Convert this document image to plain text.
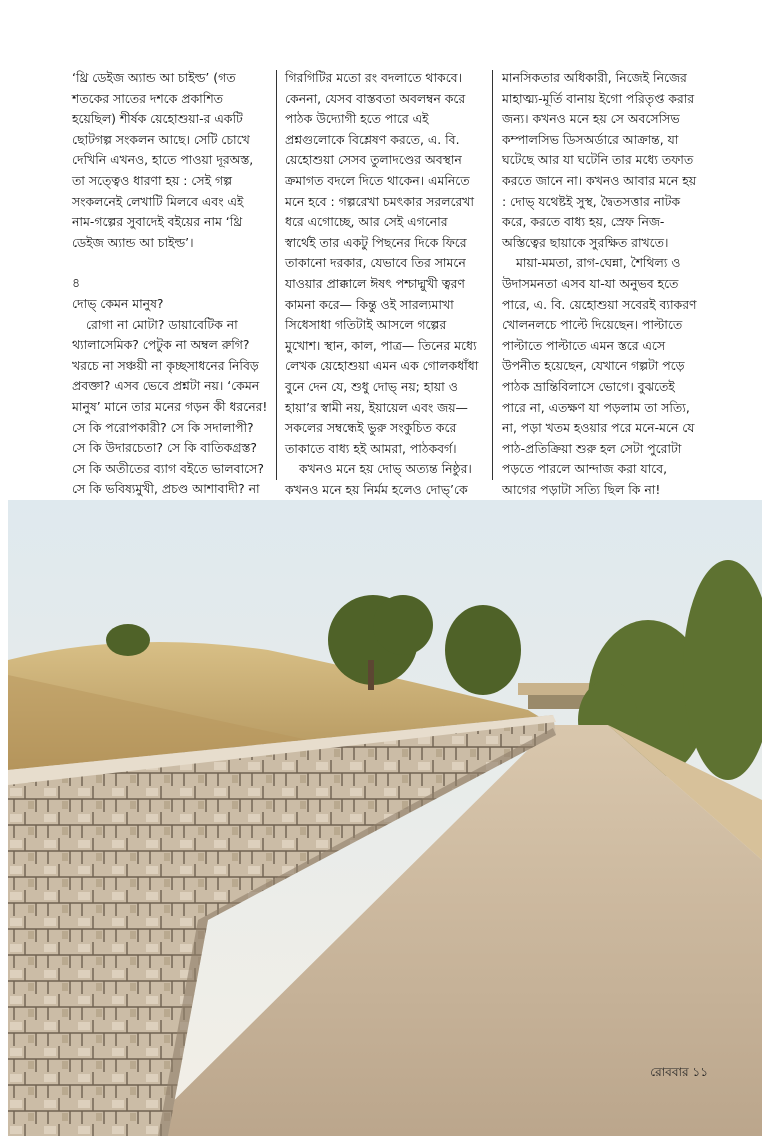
‘থ্রি ডেইজ অ্যান্ড আ চাইল্ড’ (গত শতকের সাতের দশকে প্রকাশিত হয়েছিল) শীর্ষক য়েহোশুয়া-র একটি ছোটগল্প সংকলন আছে। সেটি চোখে দেখিনি এখনও, হাতে পাওয়া দূরঅস্ত, তা সত্ত্বেও ধারণা হয় : সেই গল্প সংকলনেই লেখাটি মিলবে এবং এই নাম-গল্পের সুবাদেই বইয়ের নাম ‘থ্রি ডেইজ অ্যান্ড আ চাইল্ড’।

৪

দোভ্ কেমন মানুষ?

রোগা না মোটা? ডায়াবেটিক না থ্যালাসেমিক? পেটুক না অম্বল রুগি? খরচে না সঞ্চয়ী না কৃচ্ছসাধনের নিবিড় প্রবক্তা? এসব ভেবে প্রশ্নটা নয়। ‘কেমন মানুষ’ মানে তার মনের গড়ন কী ধরনের! সে কি পরোপকারী? সে কি সদালাপী? সে কি উদারচেতা? সে কি বাতিকগ্রস্ত? সে কি অতীতের ব্যাগ বইতে ভালবাসে? সে কি ভবিষ্যমুখী, প্রচণ্ড আশাবাদী? না

গিরগিটির মতো রং বদলাতে থাকবে। কেননা, যেসব বাস্তবতা অবলম্বন করে পাঠক উদ্যোগী হতে পারে এই প্রশ্নগুলোকে বিশ্লেষণ করতে, এ. বি. য়েহোশুয়া সেসব তুলাদণ্ডের অবস্থান ক্রমাগত বদলে দিতে থাকেন। এমনিতে মনে হবে : গল্পরেখা চমৎকার সরলরেখা ধরে এগোচ্ছে, আর সেই এগনোর স্বার্থেই তার একটু পিছনের দিকে ফিরে তাকানো দরকার, যেভাবে তির সামনে যাওয়ার প্রাক্কালে ঈষৎ পশ্চাদ্মুখী ত্বরণ কামনা করে— কিন্তু ওই সারল্যমাখা সিধেসাধা গতিটাই আসলে গল্পের মুখোশ। স্থান, কাল, পাত্র— তিনের মধ্যে লেখক য়েহোশুয়া এমন এক গোলকধাঁধা বুনে দেন যে, শুধু দোভ্ নয়; হায়া ও হায়া’র স্বামী নয়, ইয়ায়েল এবং জয়— সকলের সম্বন্ধেই ভুরু সংকুচিত করে তাকাতে বাধ্য হই আমরা, পাঠকবর্গ।

কখনও মনে হয় দোভ্ অত্যন্ত নিষ্ঠুর। কখনও মনে হয় নির্মম হলেও দোভ্’কে

মানসিকতার অধিকারী, নিজেই নিজের মাহাত্ম্য-মূর্তি বানায় ইগো পরিতৃপ্ত করার জন্য। কখনও মনে হয় সে অবসেসিভ কম্পালসিভ ডিসঅর্ডারে আক্রান্ত, যা ঘটেছে আর যা ঘটেনি তার মধ্যে তফাত করতে জানে না। কখনও আবার মনে হয় : দোভ্ যথেষ্টই সুস্থ, দ্বৈতসত্তার নাটক করে, করতে বাধ্য হয়, স্রেফ নিজ-অস্তিত্বের ছায়াকে সুরক্ষিত রাখতে।

মায়া-মমতা, রাগ-ঘেন্না, শৈথিল্য ও উদাসমনতা এসব যা-যা অনুভব হতে পারে, এ. বি. য়েহোশুয়া সবেরই ব্যাকরণ খোলনলচে পাল্টে দিয়েছেন। পাল্টাতে পাল্টাতে পাল্টাতে এমন স্তরে এসে উপনীত হয়েছেন, যেখানে গল্পটা পড়ে পাঠক ভ্রান্তিবিলাসে ভোগে। বুঝতেই পারে না, এতক্ষণ যা পড়লাম তা সত্যি, না, পড়া খতম হওয়ার পরে মনে-মনে যে পাঠ-প্রতিক্রিয়া শুরু হল সেটা পুরোটা পড়তে পারলে আন্দাজ করা যাবে, আগের পড়াটা সত্যি ছিল কি না!

রোববার ১১
